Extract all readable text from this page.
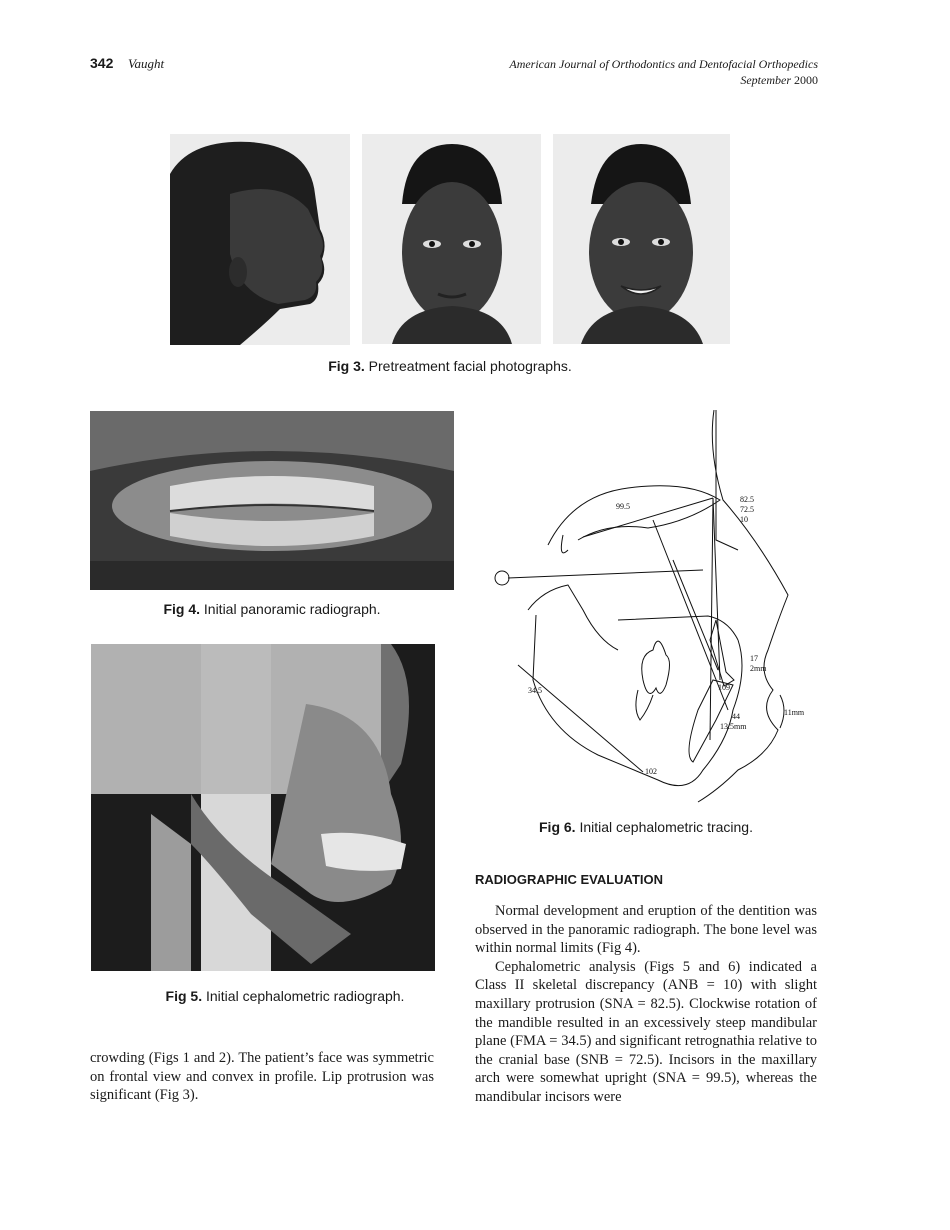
342 Vaught	American Journal of Orthodontics and Dentofacial Orthopedics
September 2000
Fig 3. Pretreatment facial photographs.
Fig 4. Initial panoramic radiograph.
Fig 5. Initial cephalometric radiograph.
99.5
82.5
72.5
10
34.5
17
2mm
109
44
13.5mm
11mm
102
Fig 6. Initial cephalometric tracing.

crowding (Figs 1 and 2). The patient’s face was symmetric on frontal view and convex in profile. Lip protrusion was significant (Fig 3).

RADIOGRAPHIC EVALUATION

Normal development and eruption of the dentition was observed in the panoramic radiograph. The bone level was within normal limits (Fig 4).

Cephalometric analysis (Figs 5 and 6) indicated a Class II skeletal discrepancy (ANB = 10) with slight maxillary protrusion (SNA = 82.5). Clockwise rotation of the mandible resulted in an excessively steep mandibular plane (FMA = 34.5) and significant retrognathia relative to the cranial base (SNB = 72.5). Incisors in the maxillary arch were somewhat upright (SNA = 99.5), whereas the mandibular incisors were
